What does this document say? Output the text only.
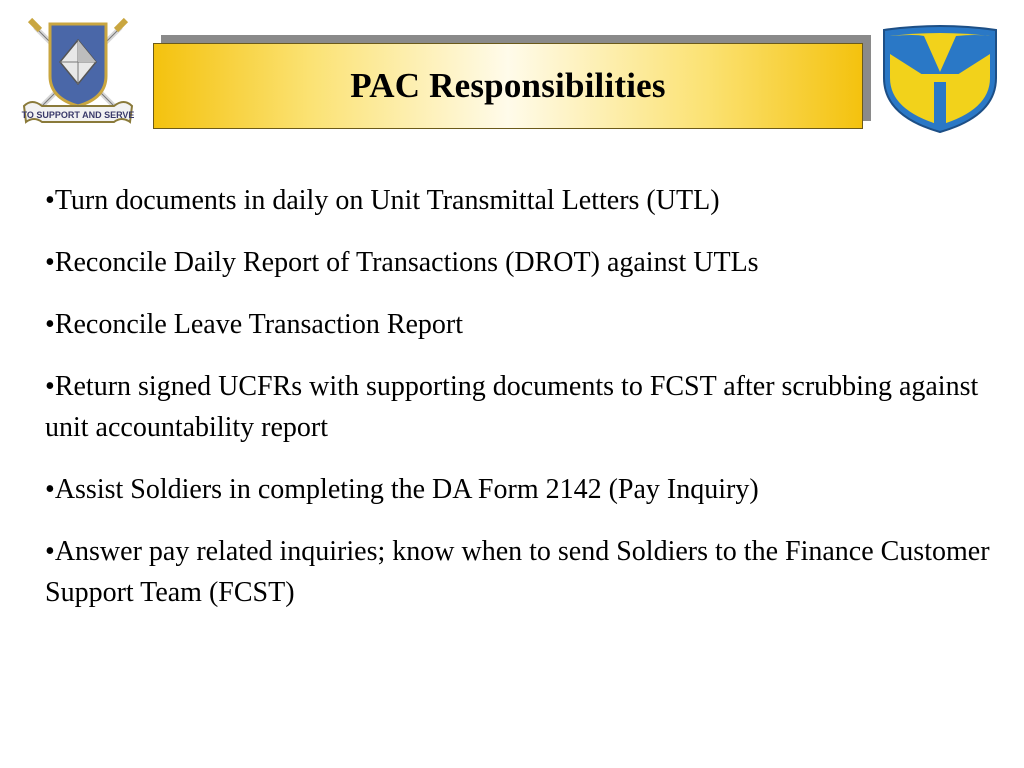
TO SUPPORT AND SERVE
PAC Responsibilities
•Turn documents in daily on Unit Transmittal Letters (UTL)
•Reconcile Daily Report of Transactions (DROT) against UTLs
•Reconcile Leave Transaction Report
•Return signed UCFRs with supporting documents to FCST after scrubbing against unit accountability report
•Assist Soldiers in completing the DA Form 2142 (Pay Inquiry)
•Answer pay related inquiries; know when to send Soldiers to the Finance Customer Support Team (FCST)
